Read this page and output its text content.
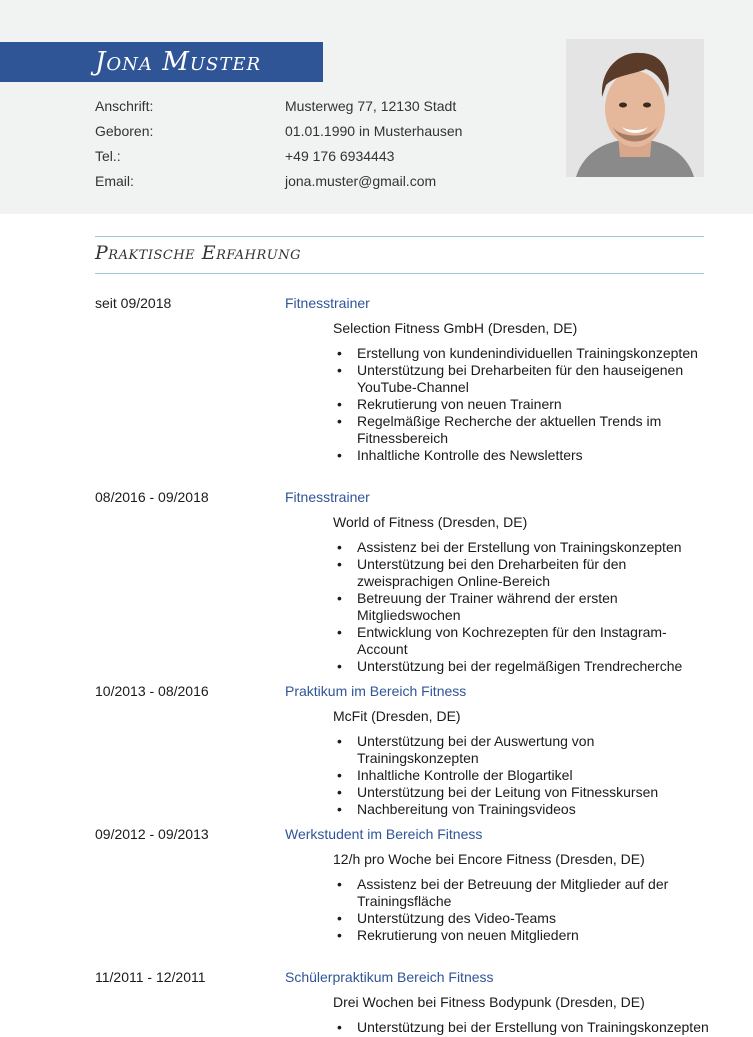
Jona Muster
Anschrift:	Musterweg 77, 12130 Stadt
Geboren:	01.01.1990 in Musterhausen
Tel.:	+49 176 6934443
Email:	jona.muster@gmail.com
Praktische Erfahrung
seit 09/2018	Fitnesstrainer
Selection Fitness GmbH (Dresden, DE)
• Erstellung von kundenindividuellen Trainingskonzepten
• Unterstützung bei Dreharbeiten für den hauseigenen YouTube-Channel
• Rekrutierung von neuen Trainern
• Regelmäßige Recherche der aktuellen Trends im Fitnessbereich
• Inhaltliche Kontrolle des Newsletters
08/2016 - 09/2018	Fitnesstrainer
World of Fitness (Dresden, DE)
• Assistenz bei der Erstellung von Trainingskonzepten
• Unterstützung bei den Dreharbeiten für den zweisprachigen Online-Bereich
• Betreuung der Trainer während der ersten Mitgliedswochen
• Entwicklung von Kochrezepten für den Instagram-Account
• Unterstützung bei der regelmäßigen Trendrecherche
10/2013 - 08/2016	Praktikum im Bereich Fitness
McFit (Dresden, DE)
• Unterstützung bei der Auswertung von Trainingskonzepten
• Inhaltliche Kontrolle der Blogartikel
• Unterstützung bei der Leitung von Fitnesskursen
• Nachbereitung von Trainingsvideos
09/2012 - 09/2013	Werkstudent im Bereich Fitness
12/h pro Woche bei Encore Fitness (Dresden, DE)
• Assistenz bei der Betreuung der Mitglieder auf der Trainingsfläche
• Unterstützung des Video-Teams
• Rekrutierung von neuen Mitgliedern
11/2011 - 12/2011	Schülerpraktikum Bereich Fitness
Drei Wochen bei Fitness Bodypunk (Dresden, DE)
• Unterstützung bei der Erstellung von Trainingskonzepten
